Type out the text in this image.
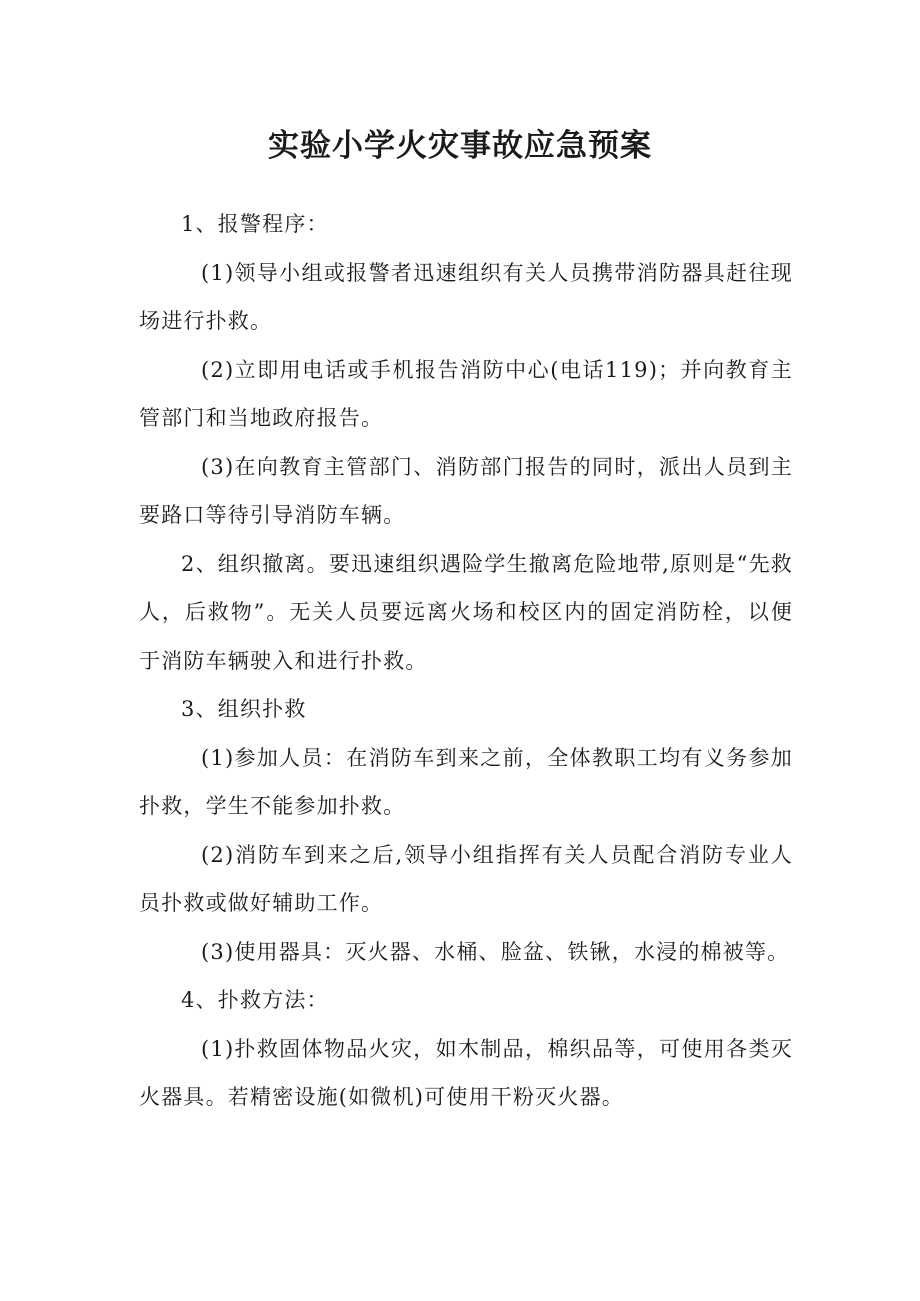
实验小学火灾事故应急预案

1、报警程序：

(1)领导小组或报警者迅速组织有关人员携带消防器具赶往现场进行扑救。

(2)立即用电话或手机报告消防中心(电话119)；并向教育主管部门和当地政府报告。

(3)在向教育主管部门、消防部门报告的同时，派出人员到主要路口等待引导消防车辆。

2、组织撤离。要迅速组织遇险学生撤离危险地带,原则是“先救人，后救物”。无关人员要远离火场和校区内的固定消防栓，以便于消防车辆驶入和进行扑救。

3、组织扑救

(1)参加人员：在消防车到来之前，全体教职工均有义务参加扑救，学生不能参加扑救。

(2)消防车到来之后,领导小组指挥有关人员配合消防专业人员扑救或做好辅助工作。

(3)使用器具：灭火器、水桶、脸盆、铁锹，水浸的棉被等。

4、扑救方法：

(1)扑救固体物品火灾，如木制品，棉织品等，可使用各类灭火器具。若精密设施(如微机)可使用干粉灭火器。
